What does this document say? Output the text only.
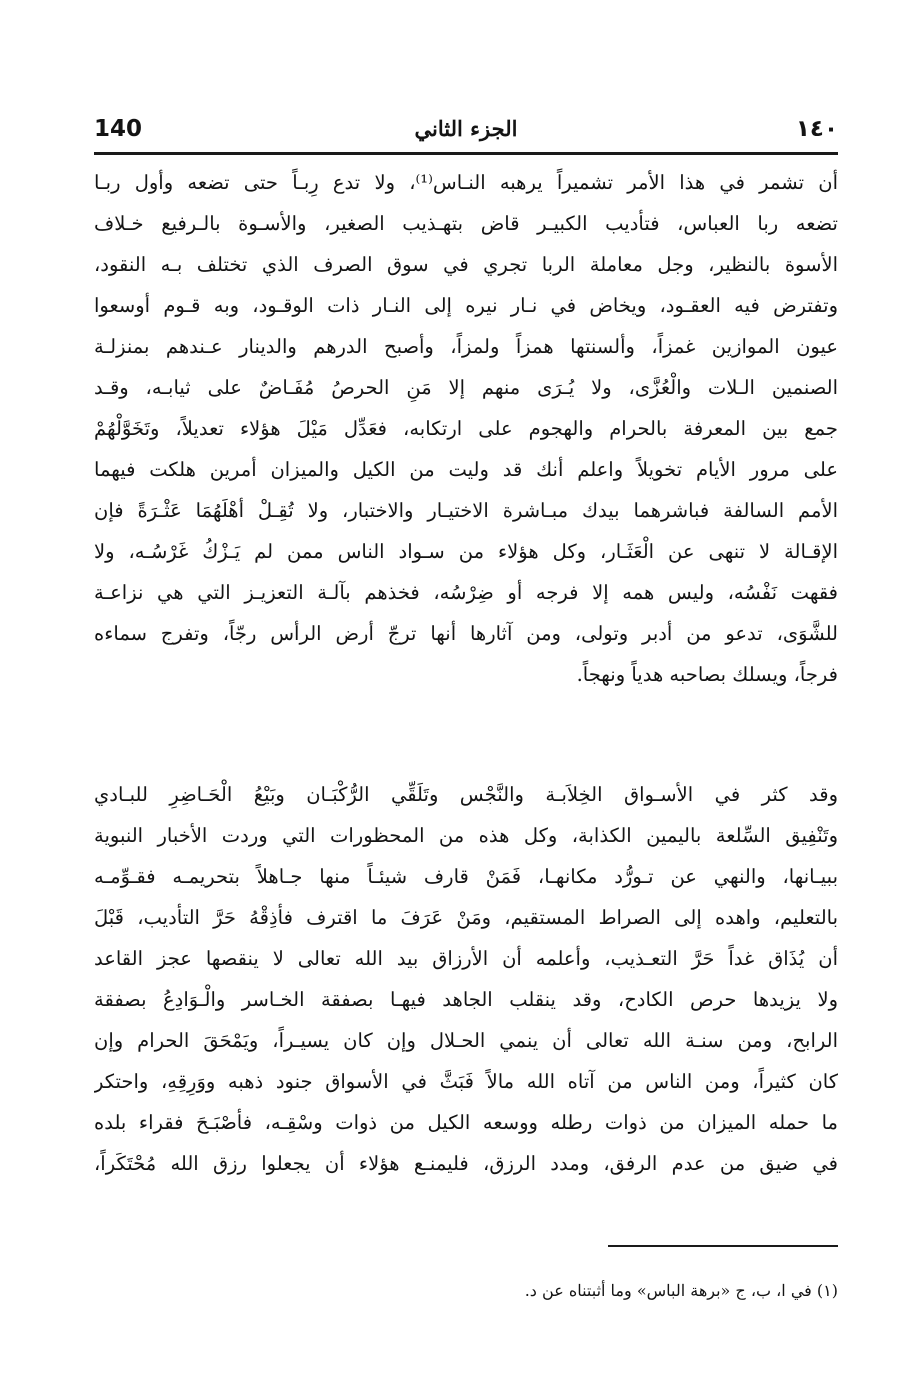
140	الجزء الثاني	١٤٠
أن تشمر في هذا الأمر تشميراً يرهبه النـاس⁽¹⁾، ولا تدع رِبـاً حتى تضعه وأول ربـا
تضعه ربا العباس، فتأديب الكبيـر قاض بتهـذيب الصغير، والأسـوة بالـرفيع خـلاف
الأسوة بالنظير، وجل معاملة الربا تجري في سوق الصرف الذي تختلف بـه النقود،
وتفترض فيه العقـود، ويخاض في نـار نيره إلى النـار ذات الوقـود، وبه قـوم أوسعوا
عيون الموازين غمزاً، وألسنتها همزاً ولمزاً، وأصبح الدرهم والدينار عـندهم بمنزلـة
الصنمين الـلات والْعُزَّى، ولا يُـرَى منهم إلا مَنِ الحرصُ مُفَـاضٌ على ثيابـه، وقـد
جمع بين المعرفة بالحرام والهجوم على ارتكابه، فعَدِّل مَيْلَ هؤلاء تعديلاً، وتَخَوَّلْهُمْ
على مرور الأيام تخويلاً واعلم أنك قد وليت من الكيل والميزان أمرين هلكت فيهما
الأمم السالفة فباشرهما بيدك مبـاشرة الاختيـار والاختبار، ولا تُقِـلْ أهْلَهُمَا عَثْـرَةً فإن
الإقـالة لا تنهى عن الْعَثَـار، وكل هؤلاء من سـواد الناس ممن لم يَـزْكُ غَرْسُـه، ولا
فقهت نَفْسُه، وليس همه إلا فرجه أو ضِرْسُه، فخذهم بآلـة التعزيـز التي هي نزاعـة
للشَّوَى، تدعو من أدبر وتولى، ومن آثارها أنها ترجّ أرض الرأس رجّاً، وتفرج سماءه
فرجاً، ويسلك بصاحبه هدياً ونهجاً.
وقد كثر في الأسـواق الخِلاَبـة والنَّجْس وتَلَقِّي الرُّكْبَـان وبَيْعُ الْحَـاضِرِ للبـادي
وتَنْفِيق السِّلعة باليمين الكذابة، وكل هذه من المحظورات التي وردت الأخبار النبوية
ببيـانها، والنهي عن تـورُّد مكانهـا، فَمَنْ قارف شيئـاً منها جـاهلاً بتحريمـه فقـوِّمـه
بالتعليم، واهده إلى الصراط المستقيم، ومَنْ عَرَفَ ما اقترف فأذِقْهُ حَرَّ التأديب، قَبْلَ
أن يُذَاق غداً حَرَّ التعـذيب، وأعلمه أن الأرزاق بيد الله تعالى لا ينقصها عجز القاعد
ولا يزيدها حرص الكادح، وقد ينقلب الجاهد فيهـا بصفقة الخـاسر والْـوَادِعُ بصفقة
الرابح، ومن سنـة الله تعالى أن ينمي الحـلال وإن كان يسيـراً، ويَمْحَقَ الحرام وإن
كان كثيراً، ومن الناس من آتاه الله مالاً فَبَثَّ في الأسواق جنود ذهبه ووَرِقِهِ، واحتكر
ما حمله الميزان من ذوات رطله ووسعه الكيل من ذوات وسْقِـه، فأصْبَـحَ فقراء بلده
في ضيق من عدم الرفق، ومدد الرزق، فليمنـع هؤلاء أن يجعلوا رزق الله مُحْتَكَراً،
(١) في ا، ب، ج «برهة الباس» وما أثبتناه عن د.
